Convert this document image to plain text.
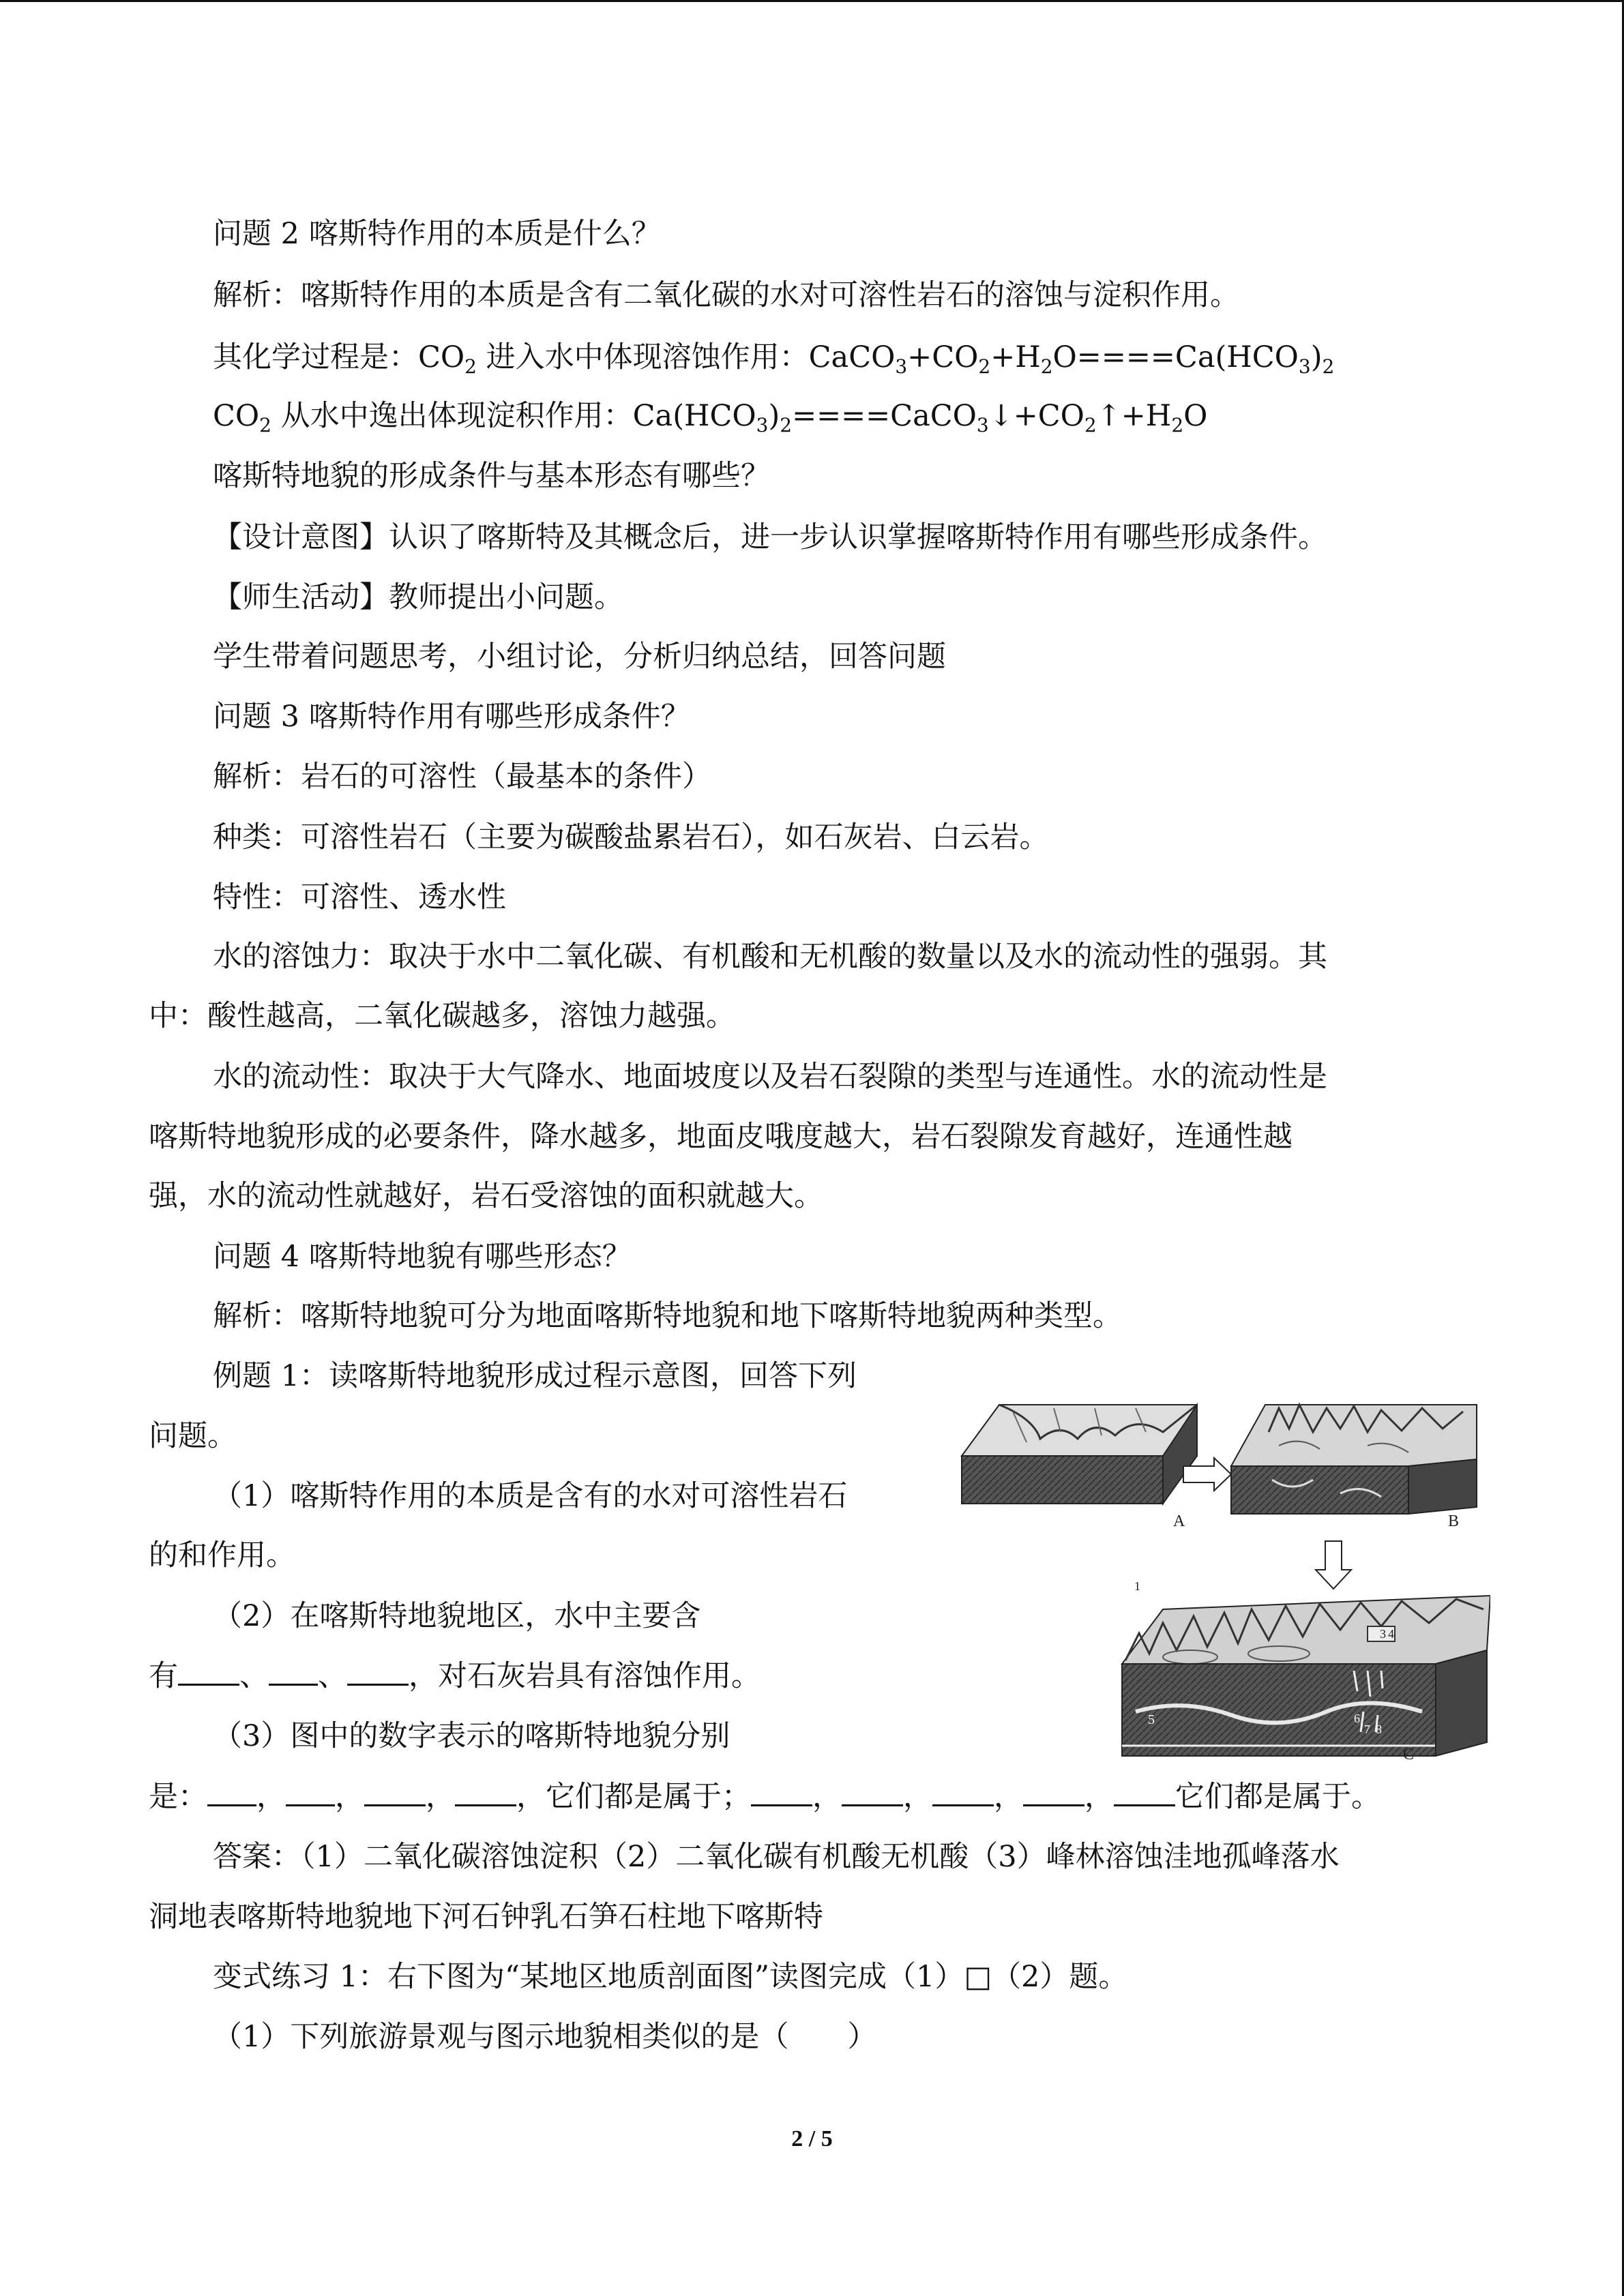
问题 2 喀斯特作用的本质是什么？
解析：喀斯特作用的本质是含有二氧化碳的水对可溶性岩石的溶蚀与淀积作用。
其化学过程是：$CO_2$ 进入水中体现溶蚀作用：$CaCO_3+CO_2+H_2O====Ca(HCO_3)_2$
$CO_2$ 从水中逸出体现淀积作用：$Ca(HCO_3)_2====CaCO_3↓+CO_2↑+H_2O$
喀斯特地貌的形成条件与基本形态有哪些？
【设计意图】认识了喀斯特及其概念后，进一步认识掌握喀斯特作用有哪些形成条件。
【师生活动】教师提出小问题。
学生带着问题思考，小组讨论，分析归纳总结，回答问题
问题 3 喀斯特作用有哪些形成条件？
解析：岩石的可溶性（最基本的条件）
种类：可溶性岩石（主要为碳酸盐累岩石），如石灰岩、白云岩。
特性：可溶性、透水性
水的溶蚀力：取决于水中二氧化碳、有机酸和无机酸的数量以及水的流动性的强弱。其
中：酸性越高，二氧化碳越多，溶蚀力越强。
水的流动性：取决于大气降水、地面坡度以及岩石裂隙的类型与连通性。水的流动性是
喀斯特地貌形成的必要条件，降水越多，地面皮哦度越大，岩石裂隙发育越好，连通性越
强，水的流动性就越好，岩石受溶蚀的面积就越大。
问题 4 喀斯特地貌有哪些形态？
解析：喀斯特地貌可分为地面喀斯特地貌和地下喀斯特地貌两种类型。
例题 1：读喀斯特地貌形成过程示意图，回答下列
问题。
（1）喀斯特作用的本质是含有的水对可溶性岩石
的和作用。
（2）在喀斯特地貌地区，水中主要含
有 、 、 ，对石灰岩具有溶蚀作用。
（3）图中的数字表示的喀斯特地貌分别
是： ， ， ， ，它们都是属于； ， ， ， ， 它们都是属于。
答案：（1）二氧化碳溶蚀淀积（2）二氧化碳有机酸无机酸（3）峰林溶蚀洼地孤峰落水
洞地表喀斯特地貌地下河石钟乳石笋石柱地下喀斯特
变式练习 1：右下图为“某地区地质剖面图”读图完成（1）□（2）题。
（1）下列旅游景观与图示地貌相类似的是（　　）
2 / 5
A	B
1
3 4
5	6
7 8
C
